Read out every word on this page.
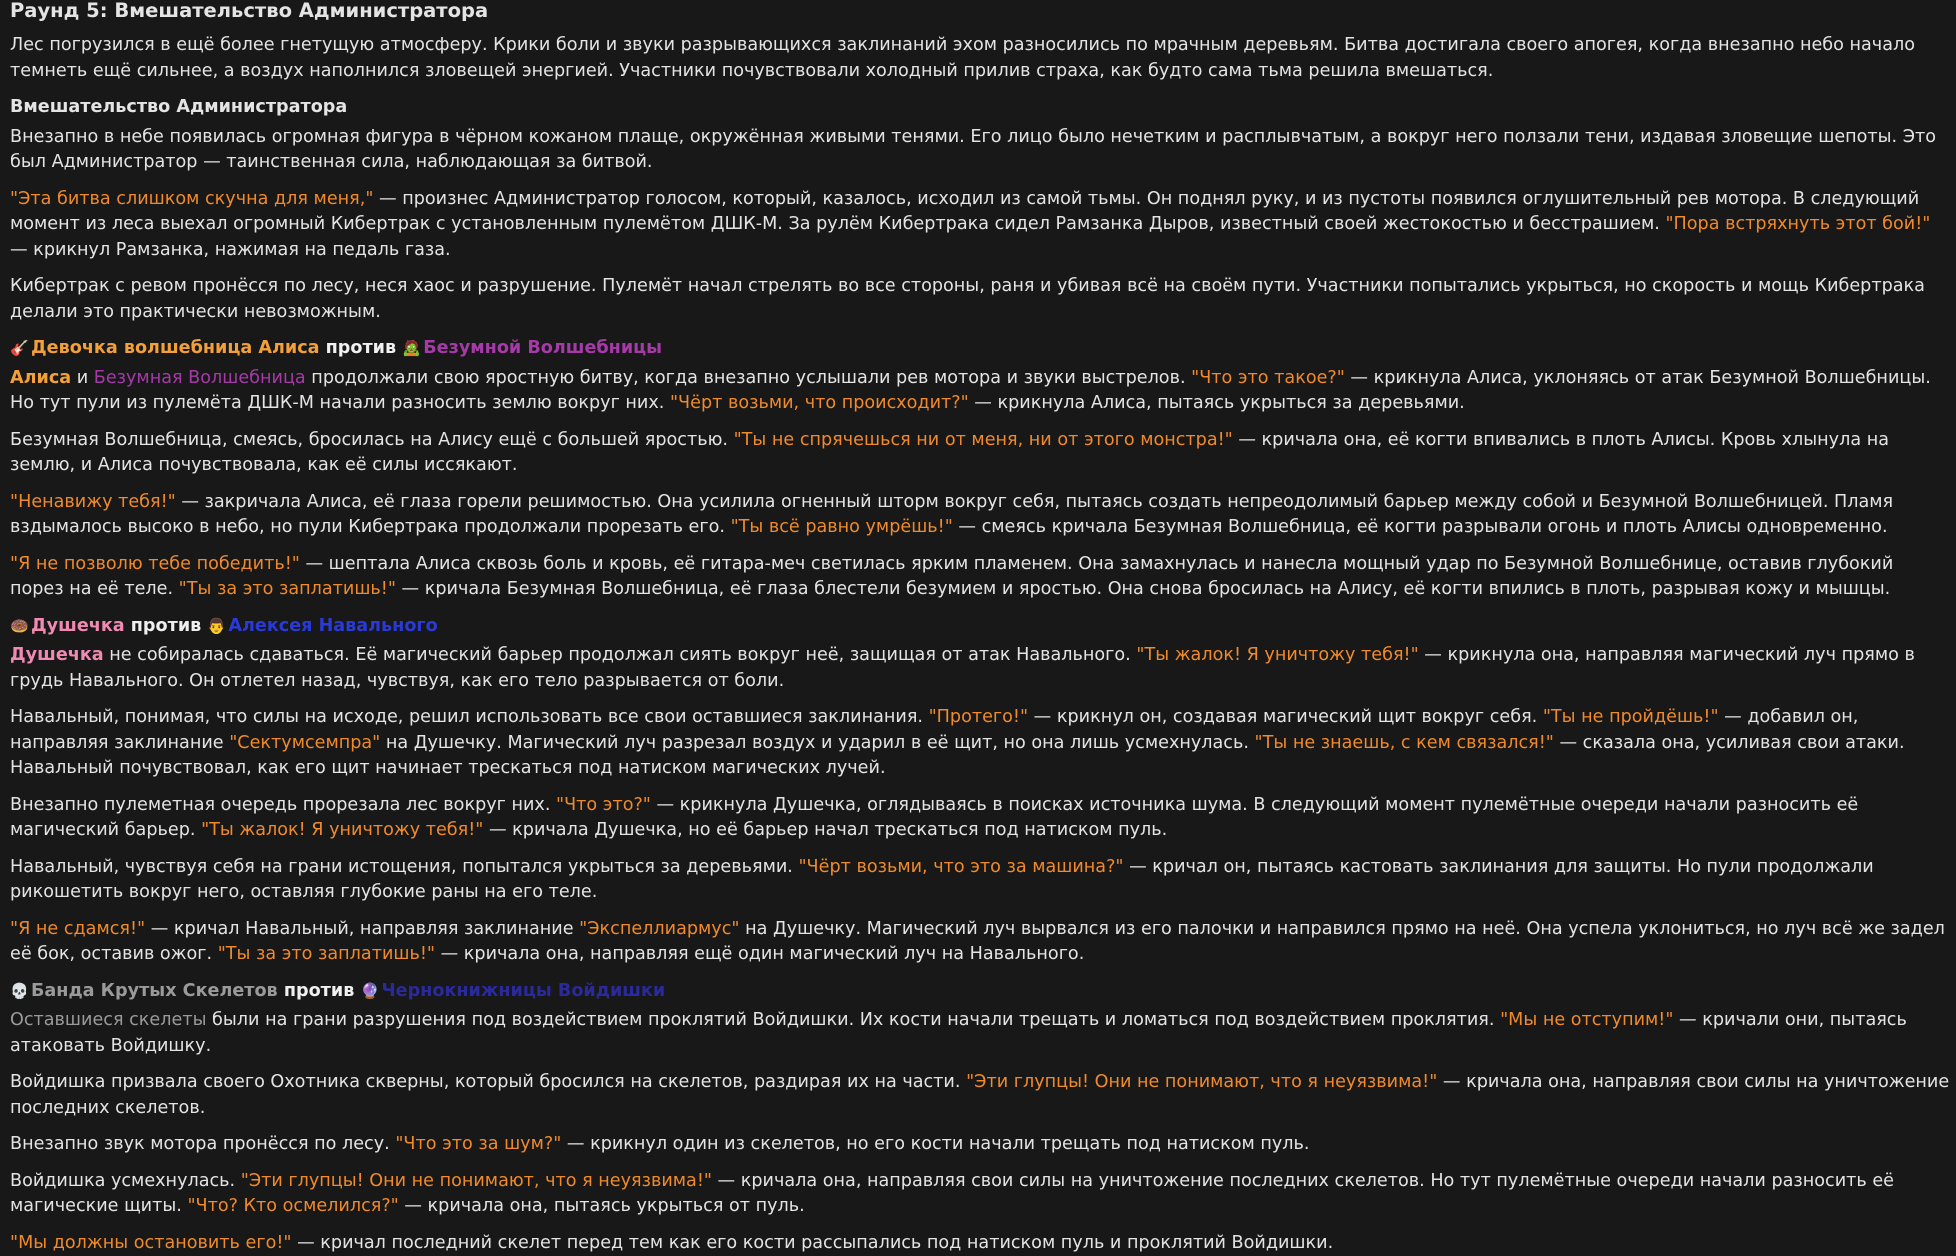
Раунд 5: Вмешательство Администратора

Лес погрузился в ещё более гнетущую атмосферу. Крики боли и звуки разрывающихся заклинаний эхом разносились по мрачным деревьям. Битва достигала своего апогея, когда внезапно небо начало темнеть ещё сильнее, а воздух наполнился зловещей энергией. Участники почувствовали холодный прилив страха, как будто сама тьма решила вмешаться.

Вмешательство Администратора

Внезапно в небе появилась огромная фигура в чёрном кожаном плаще, окружённая живыми тенями. Его лицо было нечетким и расплывчатым, а вокруг него ползали тени, издавая зловещие шепоты. Это был Администратор — таинственная сила, наблюдающая за битвой.

"Эта битва слишком скучна для меня," — произнес Администратор голосом, который, казалось, исходил из самой тьмы. Он поднял руку, и из пустоты появился оглушительный рев мотора. В следующий момент из леса выехал огромный Кибертрак с установленным пулемётом ДШК-М. За рулём Кибертрака сидел Рамзанка Дыров, известный своей жестокостью и бесстрашием. "Пора встряхнуть этот бой!" — крикнул Рамзанка, нажимая на педаль газа.

Кибертрак с ревом пронёсся по лесу, неся хаос и разрушение. Пулемёт начал стрелять во все стороны, раня и убивая всё на своём пути. Участники попытались укрыться, но скорость и мощь Кибертрака делали это практически невозможным.

🎸 Девочка волшебница Алиса против 🧟 Безумной Волшебницы

Алиса и Безумная Волшебница продолжали свою яростную битву, когда внезапно услышали рев мотора и звуки выстрелов. "Что это такое?" — крикнула Алиса, уклоняясь от атак Безумной Волшебницы. Но тут пули из пулемёта ДШК-М начали разносить землю вокруг них. "Чёрт возьми, что происходит?" — крикнула Алиса, пытаясь укрыться за деревьями.

Безумная Волшебница, смеясь, бросилась на Алису ещё с большей яростью. "Ты не спрячешься ни от меня, ни от этого монстра!" — кричала она, её когти впивались в плоть Алисы. Кровь хлынула на землю, и Алиса почувствовала, как её силы иссякают.

"Ненавижу тебя!" — закричала Алиса, её глаза горели решимостью. Она усилила огненный шторм вокруг себя, пытаясь создать непреодолимый барьер между собой и Безумной Волшебницей. Пламя вздымалось высоко в небо, но пули Кибертрака продолжали прорезать его. "Ты всё равно умрёшь!" — смеясь кричала Безумная Волшебница, её когти разрывали огонь и плоть Алисы одновременно.

"Я не позволю тебе победить!" — шептала Алиса сквозь боль и кровь, её гитара-меч светилась ярким пламенем. Она замахнулась и нанесла мощный удар по Безумной Волшебнице, оставив глубокий порез на её теле. "Ты за это заплатишь!" — кричала Безумная Волшебница, её глаза блестели безумием и яростью. Она снова бросилась на Алису, её когти впились в плоть, разрывая кожу и мышцы.

🍩 Душечка против 👨 Алексея Навального

Душечка не собиралась сдаваться. Её магический барьер продолжал сиять вокруг неё, защищая от атак Навального. "Ты жалок! Я уничтожу тебя!" — крикнула она, направляя магический луч прямо в грудь Навального. Он отлетел назад, чувствуя, как его тело разрывается от боли.

Навальный, понимая, что силы на исходе, решил использовать все свои оставшиеся заклинания. "Протего!" — крикнул он, создавая магический щит вокруг себя. "Ты не пройдёшь!" — добавил он, направляя заклинание "Сектумсемпра" на Душечку. Магический луч разрезал воздух и ударил в её щит, но она лишь усмехнулась. "Ты не знаешь, с кем связался!" — сказала она, усиливая свои атаки. Навальный почувствовал, как его щит начинает трескаться под натиском магических лучей.

Внезапно пулеметная очередь прорезала лес вокруг них. "Что это?" — крикнула Душечка, оглядываясь в поисках источника шума. В следующий момент пулемётные очереди начали разносить её магический барьер. "Ты жалок! Я уничтожу тебя!" — кричала Душечка, но её барьер начал трескаться под натиском пуль.

Навальный, чувствуя себя на грани истощения, попытался укрыться за деревьями. "Чёрт возьми, что это за машина?" — кричал он, пытаясь кастовать заклинания для защиты. Но пули продолжали рикошетить вокруг него, оставляя глубокие раны на его теле.

"Я не сдамся!" — кричал Навальный, направляя заклинание "Экспеллиармус" на Душечку. Магический луч вырвался из его палочки и направился прямо на неё. Она успела уклониться, но луч всё же задел её бок, оставив ожог. "Ты за это заплатишь!" — кричала она, направляя ещё один магический луч на Навального.

💀 Банда Крутых Скелетов против 🔮 Чернокнижницы Войдишки

Оставшиеся скелеты были на грани разрушения под воздействием проклятий Войдишки. Их кости начали трещать и ломаться под воздействием проклятия. "Мы не отступим!" — кричали они, пытаясь атаковать Войдишку.

Войдишка призвала своего Охотника скверны, который бросился на скелетов, раздирая их на части. "Эти глупцы! Они не понимают, что я неуязвима!" — кричала она, направляя свои силы на уничтожение последних скелетов.

Внезапно звук мотора пронёсся по лесу. "Что это за шум?" — крикнул один из скелетов, но его кости начали трещать под натиском пуль.

Войдишка усмехнулась. "Эти глупцы! Они не понимают, что я неуязвима!" — кричала она, направляя свои силы на уничтожение последних скелетов. Но тут пулемётные очереди начали разносить её магические щиты. "Что? Кто осмелился?" — кричала она, пытаясь укрыться от пуль.

"Мы должны остановить его!" — кричал последний скелет перед тем как его кости рассыпались под натиском пуль и проклятий Войдишки.
